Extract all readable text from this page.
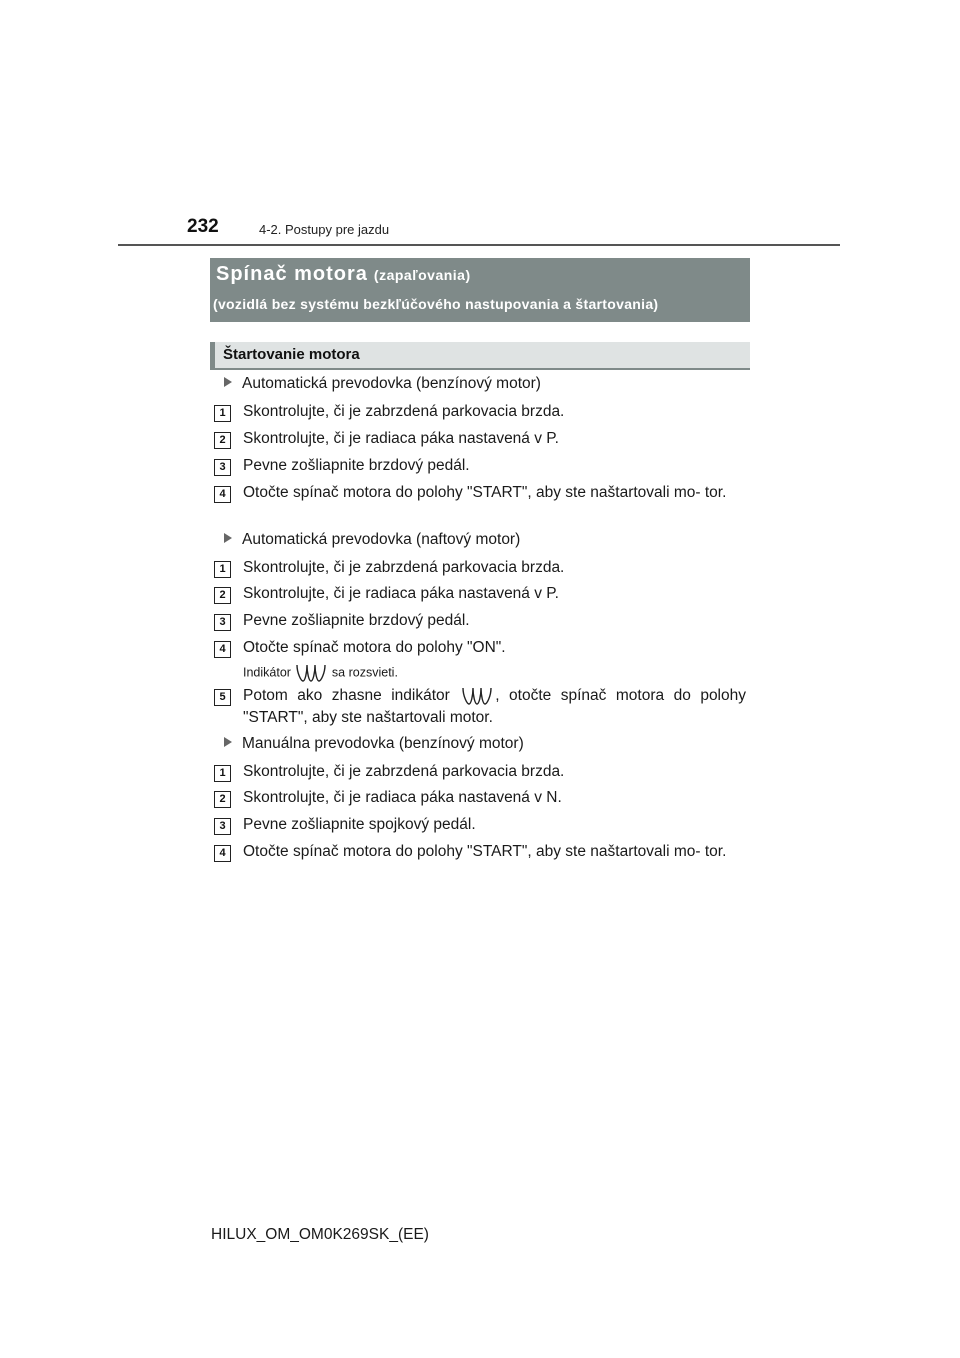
232	4-2. Postupy pre jazdu
Spínač motora (zapaľovania)
(vozidlá bez systému bezkľúčového nastupovania a štartovania)
Štartovanie motora
Automatická prevodovka (benzínový motor)
1	Skontrolujte, či je zabrzdená parkovacia brzda.
2	Skontrolujte, či je radiaca páka nastavená v P.
3	Pevne zošliapnite brzdový pedál.
4	Otočte spínač motora do polohy "START", aby ste naštartovali mo- tor.
Automatická prevodovka (naftový motor)
1	Skontrolujte, či je zabrzdená parkovacia brzda.
2	Skontrolujte, či je radiaca páka nastavená v P.
3	Pevne zošliapnite brzdový pedál.
4	Otočte spínač motora do polohy "ON".
Indikátor	sa rozsvieti.
5	Potom ako zhasne indikátor	, otočte spínač motora do polohy "START", aby ste naštartovali motor.
Manuálna prevodovka (benzínový motor)
1	Skontrolujte, či je zabrzdená parkovacia brzda.
2	Skontrolujte, či je radiaca páka nastavená v N.
3	Pevne zošliapnite spojkový pedál.
4	Otočte spínač motora do polohy "START", aby ste naštartovali mo- tor.
HILUX_OM_OM0K269SK_(EE)
